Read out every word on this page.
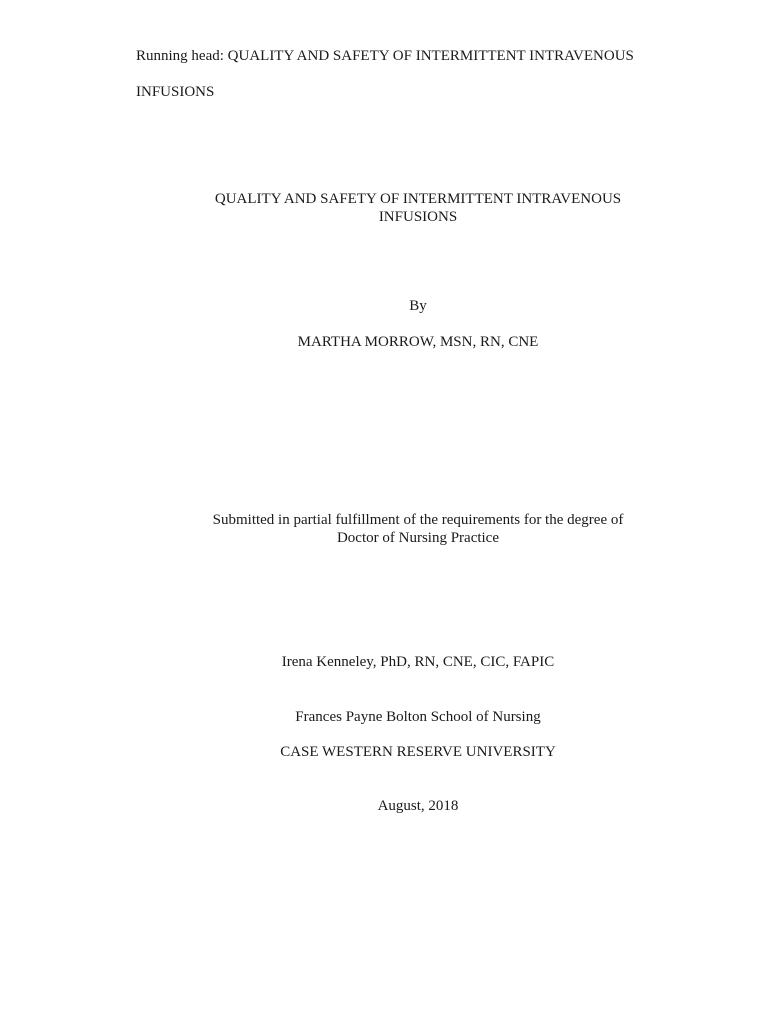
Running head: QUALITY AND SAFETY OF INTERMITTENT INTRAVENOUS
INFUSIONS
QUALITY AND SAFETY OF INTERMITTENT INTRAVENOUS
INFUSIONS
By
MARTHA MORROW, MSN, RN, CNE
Submitted in partial fulfillment of the requirements for the degree of
Doctor of Nursing Practice
Irena Kenneley, PhD, RN, CNE, CIC, FAPIC
Frances Payne Bolton School of Nursing
CASE WESTERN RESERVE UNIVERSITY
August, 2018
